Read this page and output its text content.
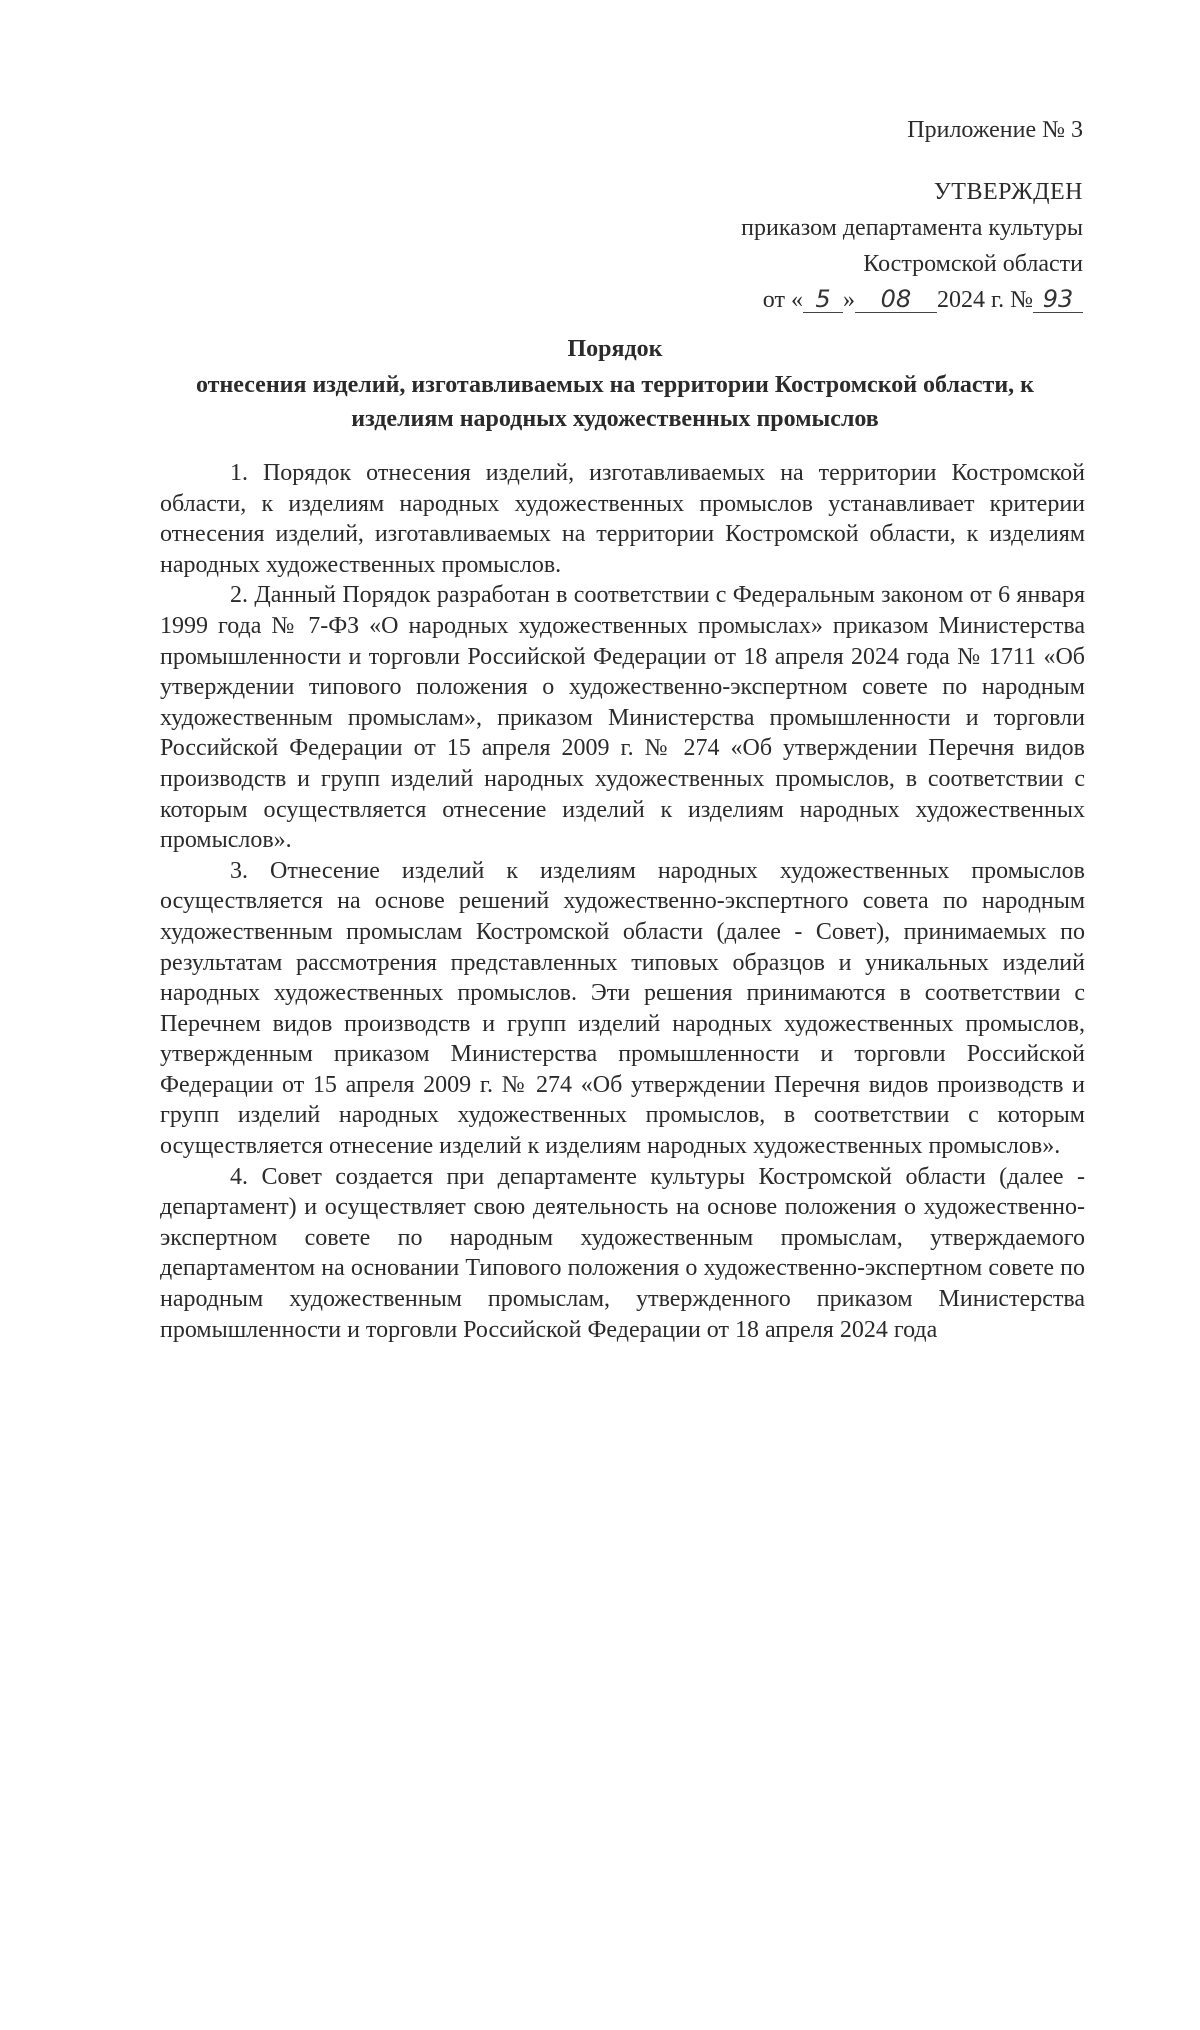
Приложение № 3
УТВЕРЖДЕН
приказом департамента культуры
Костромской области
от « 5 » 08 2024 г. № 93
Порядок
отнесения изделий, изготавливаемых на территории Костромской области, к изделиям народных художественных промыслов

1. Порядок отнесения изделий, изготавливаемых на территории Костромской области, к изделиям народных художественных промыслов устанавливает критерии отнесения изделий, изготавливаемых на территории Костромской области, к изделиям народных художественных промыслов.

2. Данный Порядок разработан в соответствии с Федеральным законом от 6 января 1999 года № 7-ФЗ «О народных художественных промыслах» приказом Министерства промышленности и торговли Российской Федерации от 18 апреля 2024 года № 1711 «Об утверждении типового положения о художественно-экспертном совете по народным художественным промыслам», приказом Министерства промышленности и торговли Российской Федерации от 15 апреля 2009 г. № 274 «Об утверждении Перечня видов производств и групп изделий народных художественных промыслов, в соответствии с которым осуществляется отнесение изделий к изделиям народных художественных промыслов».

3. Отнесение изделий к изделиям народных художественных промыслов осуществляется на основе решений художественно-экспертного совета по народным художественным промыслам Костромской области (далее - Совет), принимаемых по результатам рассмотрения представленных типовых образцов и уникальных изделий народных художественных промыслов. Эти решения принимаются в соответствии с Перечнем видов производств и групп изделий народных художественных промыслов, утвержденным приказом Министерства промышленности и торговли Российской Федерации от 15 апреля 2009 г. № 274 «Об утверждении Перечня видов производств и групп изделий народных художественных промыслов, в соответствии с которым осуществляется отнесение изделий к изделиям народных художественных промыслов».

4. Совет создается при департаменте культуры Костромской области (далее - департамент) и осуществляет свою деятельность на основе положения о художественно-экспертном совете по народным художественным промыслам, утверждаемого департаментом на основании Типового положения о художественно-экспертном совете по народным художественным промыслам, утвержденного приказом Министерства промышленности и торговли Российской Федерации от 18 апреля 2024 года
